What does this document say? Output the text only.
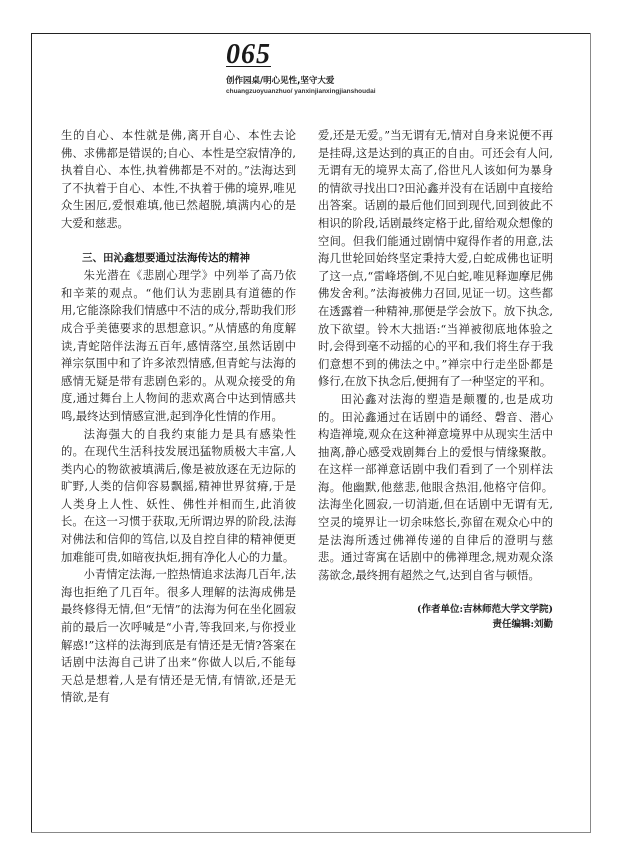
065
创作园桌/明心见性,坚守大爱
chuangzuoyuanzhuo/ yanxinjianxingjianshoudai

生的自心、本性就是佛,离开自心、本性去论佛、求佛都是错误的;自心、本性是空寂情净的,执着自心、本性,执着佛都是不对的。”法海达到了不执着于自心、本性,不执着于佛的境界,唯见众生困厄,爱恨难填,他已然超脱,填满内心的是大爱和慈悲。

三、田沁鑫想要通过法海传达的精神

朱光潜在《悲剧心理学》中列举了高乃依和辛莱的观点。“他们认为悲剧具有道德的作用,它能涤除我们情感中不洁的成分,帮助我们形成合乎美德要求的思想意识。”从情感的角度解读,青蛇陪伴法海五百年,感情落空,虽然话剧中禅宗氛围中和了许多浓烈情感,但青蛇与法海的感情无疑是带有悲剧色彩的。从观众接受的角度,通过舞台上人物间的悲欢离合中达到情感共鸣,最终达到情感宣泄,起到净化性情的作用。

法海强大的自我约束能力是具有感染性的。在现代生活科技发展迅猛物质极大丰富,人类内心的物欲被填满后,像是被放逐在无边际的旷野,人类的信仰容易飘摇,精神世界贫瘠,于是人类身上人性、妖性、佛性并相而生,此消彼长。在这一习惯于获取,无所谓边界的阶段,法海对佛法和信仰的笃信,以及自控自律的精神便更加难能可贵,如暗夜执炬,拥有净化人心的力量。

小青情定法海,一腔热情追求法海几百年,法海也拒绝了几百年。很多人理解的法海成佛是最终修得无情,但“无情”的法海为何在坐化圆寂前的最后一次呼喊是“小青,等我回来,与你授业解惑!”这样的法海到底是有情还是无情?答案在话剧中法海自己讲了出来“你做人以后,不能每天总是想着,人是有情还是无情,有情欲,还是无情欲,是有

爱,还是无爱。”当无谓有无,情对自身来说便不再是挂碍,这是达到的真正的自由。可还会有人问,无谓有无的境界太高了,俗世凡人该如何为暴身的情欲寻找出口?田沁鑫并没有在话剧中直接给出答案。话剧的最后他们回到现代,回到彼此不相识的阶段,话剧最终定格于此,留给观众想像的空间。但我们能通过剧情中窥得作者的用意,法海几世轮回始终坚定秉持大爱,白蛇成佛也证明了这一点,“雷峰塔倒,不见白蛇,唯见释迦摩尼佛佛发舍利。”法海被佛力召回,见证一切。这些都在透露着一种精神,那便是学会放下。放下执念,放下欲望。铃木大拙语:“当禅被彻底地体验之时,会得到毫不动摇的心的平和,我们将生存于我们意想不到的佛法之中。”禅宗中行走坐卧都是修行,在放下执念后,便拥有了一种坚定的平和。

田沁鑫对法海的塑造是颠覆的,也是成功的。田沁鑫通过在话剧中的诵经、磬音、潜心构造禅境,观众在这种禅意境界中从现实生活中抽离,静心感受戏剧舞台上的爱恨与情缘聚散。在这样一部禅意话剧中我们看到了一个别样法海。他幽默,他慈悲,他眼含热泪,他格守信仰。法海坐化圆寂,一切消逝,但在话剧中无谓有无,空灵的境界让一切余味悠长,弥留在观众心中的是法海所透过佛禅传递的自律后的澄明与慈悲。通过寄寓在话剧中的佛禅理念,规劝观众涤荡欲念,最终拥有超然之气,达到自省与顿悟。

(作者单位:吉林师范大学文学院)
责任编辑:刘勤
